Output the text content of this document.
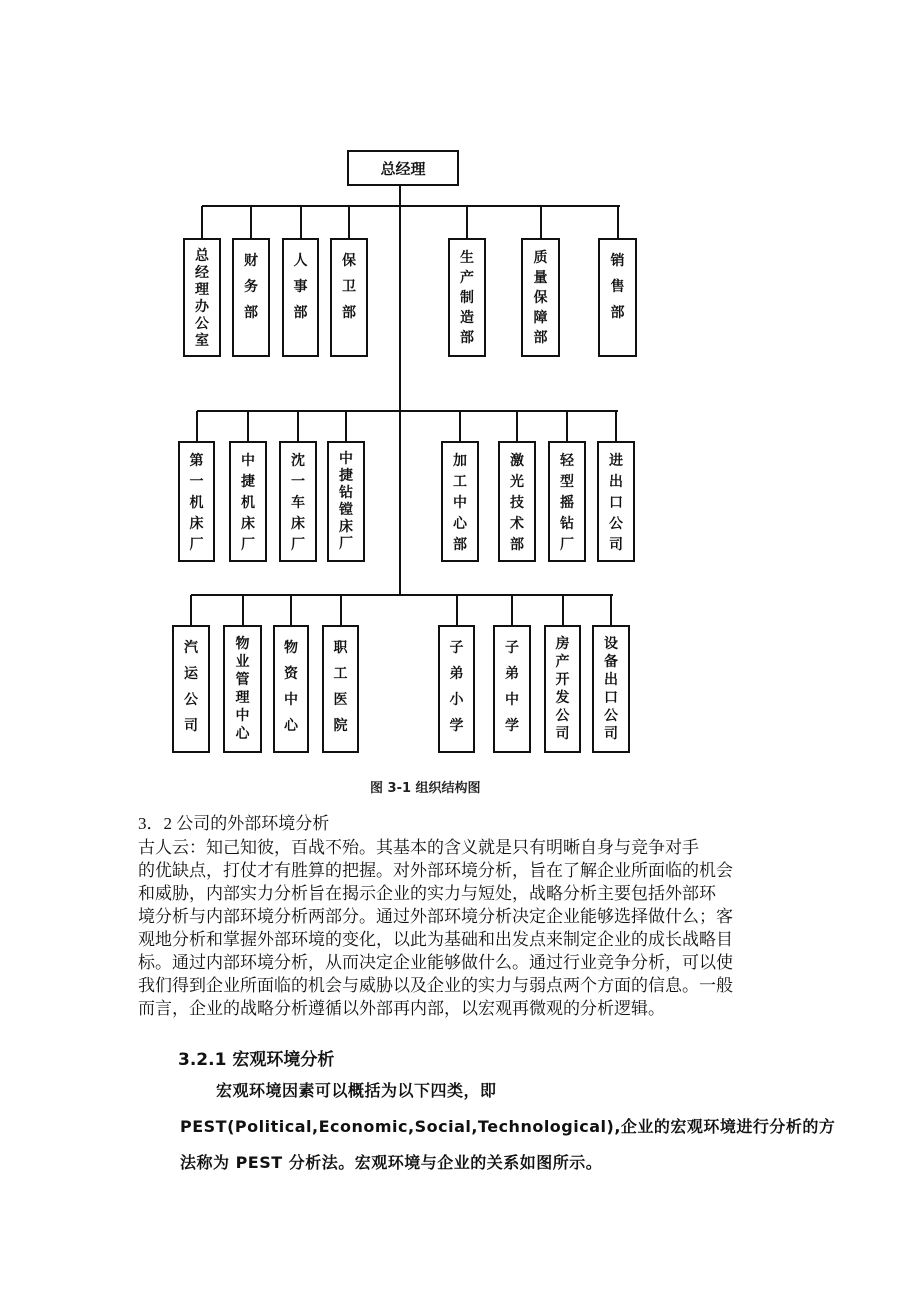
总经理
图 3-1 组织结构图
总
经
理
办
公
室
财
务
部
人
事
部
保
卫
部
生
产
制
造
部
质
量
保
障
部
销
售
部
第
一
机
床
厂
中
捷
机
床
厂
沈
一
车
床
厂
中
捷
钻
镗
床
厂
加
工
中
心
部
激
光
技
术
部
轻
型
摇
钻
厂
进
出
口
公
司
汽
运
公
司
物
业
管
理
中
心
物
资
中
心
职
工
医
院
子
弟
小
学
子
弟
中
学
房
产
开
发
公
司
设
备
出
口
公
司
3．2 公司的外部环境分析
古人云：知己知彼，百战不殆。其基本的含义就是只有明晰自身与竞争对手
的优缺点，打仗才有胜算的把握。对外部环境分析，旨在了解企业所面临的机会
和威胁，内部实力分析旨在揭示企业的实力与短处，战略分析主要包括外部环
境分析与内部环境分析两部分。通过外部环境分析决定企业能够选择做什么；客
观地分析和掌握外部环境的变化，以此为基础和出发点来制定企业的成长战略目
标。通过内部环境分析，从而决定企业能够做什么。通过行业竞争分析，可以使
我们得到企业所面临的机会与威胁以及企业的实力与弱点两个方面的信息。一般
而言，企业的战略分析遵循以外部再内部，以宏观再微观的分析逻辑。
3.2.1 宏观环境分析
宏观环境因素可以概括为以下四类，即
PEST(Political,Economic,Social,Technological),企业的宏观环境进行分析的方
法称为 PEST 分析法。宏观环境与企业的关系如图所示。
